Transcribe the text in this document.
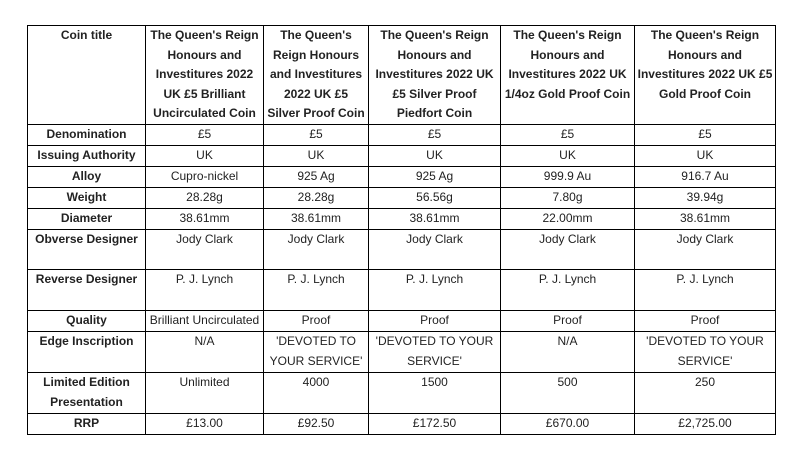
Coin title	The Queen's Reign Honours and Investitures 2022 UK £5 Brilliant Uncirculated Coin	The Queen's Reign Honours and Investitures 2022 UK £5 Silver Proof Coin	The Queen's Reign Honours and Investitures 2022 UK £5 Silver Proof Piedfort Coin	The Queen's Reign Honours and Investitures 2022 UK 1/4oz Gold Proof Coin	The Queen's Reign Honours and Investitures 2022 UK £5 Gold Proof Coin
Denomination	£5	£5	£5	£5	£5
Issuing Authority	UK	UK	UK	UK	UK
Alloy	Cupro-nickel	925 Ag	925 Ag	999.9 Au	916.7 Au
Weight	28.28g	28.28g	56.56g	7.80g	39.94g
Diameter	38.61mm	38.61mm	38.61mm	22.00mm	38.61mm
Obverse Designer	Jody Clark	Jody Clark	Jody Clark	Jody Clark	Jody Clark
Reverse Designer	P. J. Lynch	P. J. Lynch	P. J. Lynch	P. J. Lynch	P. J. Lynch
Quality	Brilliant Uncirculated	Proof	Proof	Proof	Proof
Edge Inscription	N/A	'DEVOTED TO YOUR SERVICE'	'DEVOTED TO YOUR SERVICE'	N/A	'DEVOTED TO YOUR SERVICE'
Limited Edition Presentation	Unlimited	4000	1500	500	250
RRP	£13.00	£92.50	£172.50	£670.00	£2,725.00
